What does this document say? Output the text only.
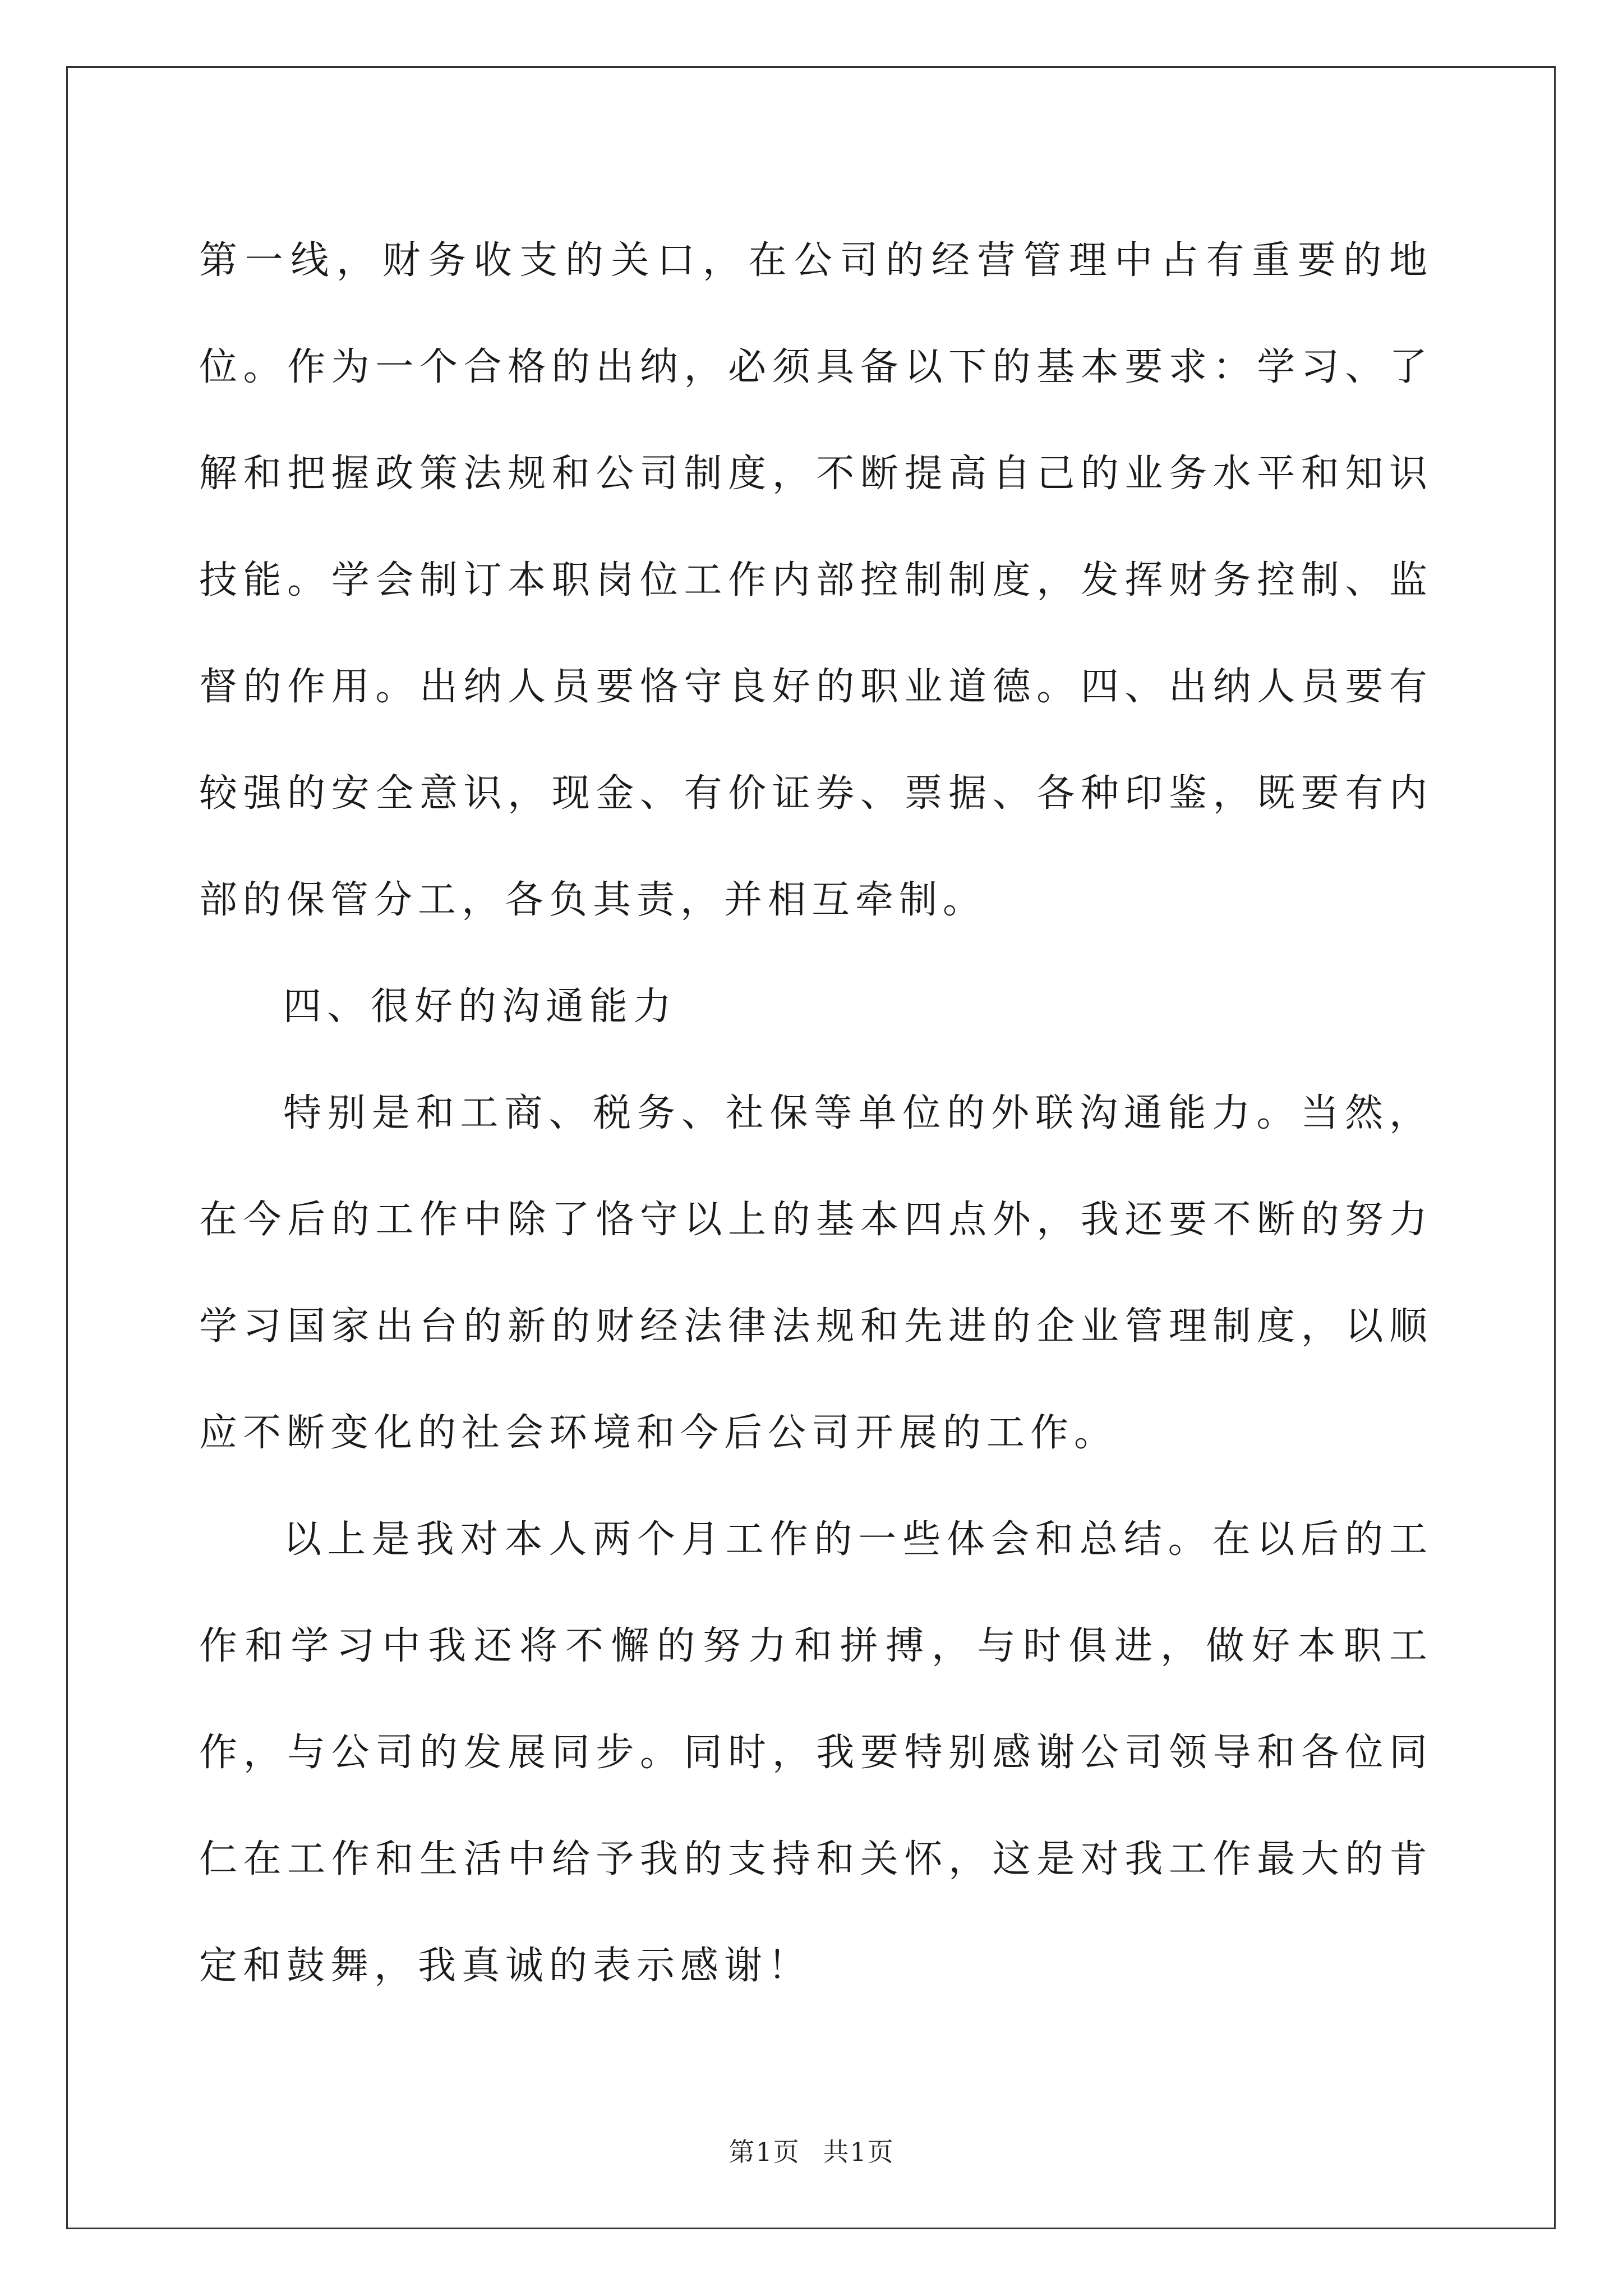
第一线，财务收支的关口，在公司的经营管理中占有重要的地位。作为一个合格的出纳，必须具备以下的基本要求：学习、了解和把握政策法规和公司制度，不断提高自己的业务水平和知识技能。学会制订本职岗位工作内部控制制度，发挥财务控制、监督的作用。出纳人员要恪守良好的职业道德。四、出纳人员要有较强的安全意识，现金、有价证券、票据、各种印鉴，既要有内部的保管分工，各负其责，并相互牵制。

四、很好的沟通能力

特别是和工商、税务、社保等单位的外联沟通能力。当然，在今后的工作中除了恪守以上的基本四点外，我还要不断的努力学习国家出台的新的财经法律法规和先进的企业管理制度，以顺应不断变化的社会环境和今后公司开展的工作。

以上是我对本人两个月工作的一些体会和总结。在以后的工作和学习中我还将不懈的努力和拼搏，与时俱进，做好本职工作，与公司的发展同步。同时，我要特别感谢公司领导和各位同仁在工作和生活中给予我的支持和关怀，这是对我工作最大的肯定和鼓舞，我真诚的表示感谢！

第1页 共1页
